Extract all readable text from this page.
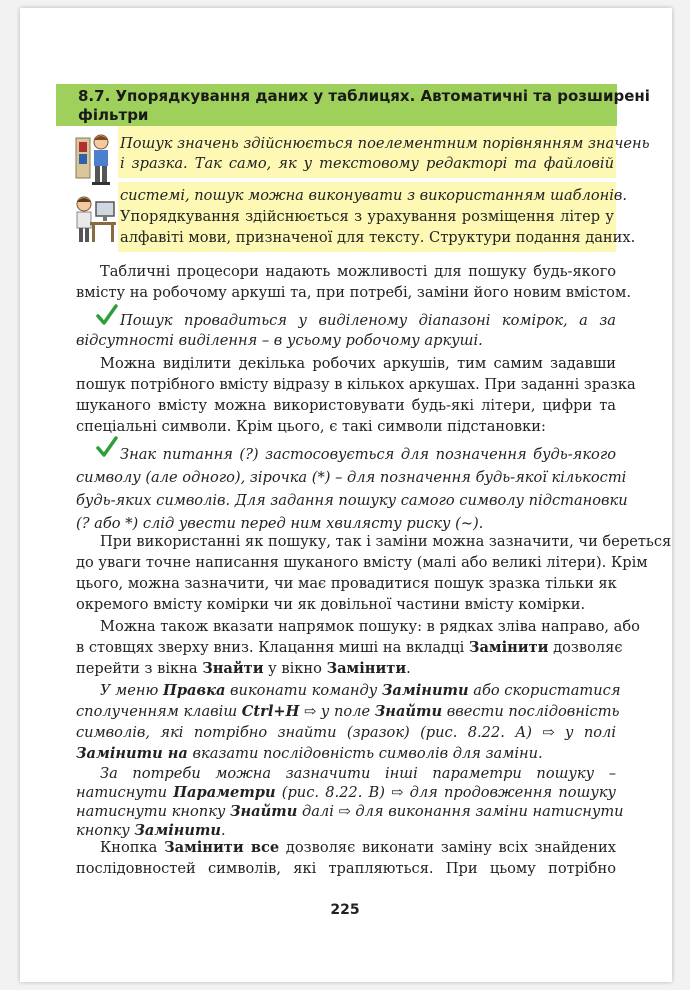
8.7. Упорядкування даних у таблицях. Автоматичні та розширені
фільтри
Пошук значень здійснюється поелементним порівнянням значень
і зразка. Так само, як у текстовому редакторі та файловій
системі, пошук можна виконувати з використанням шаблонів.
Упорядкування здійснюється з урахування розміщення літер у
алфавіті мови, призначеної для тексту. Структури подання даних.
Табличні процесори надають можливості для пошуку будь-якого
вмісту на робочому аркуші та, при потребі, заміни його новим вмістом.
Пошук провадиться у виділеному діапазоні комірок, а за
відсутності виділення – в усьому робочому аркуші.
Можна виділити декілька робочих аркушів, тим самим задавши
пошук потрібного вмісту відразу в кількох аркушах. При заданні зразка
шуканого вмісту можна використовувати будь-які літери, цифри та
спеціальні символи. Крім цього, є такі символи підстановки:
Знак питання (?) застосовується для позначення будь-якого
символу (але одного), зірочка (*) – для позначення будь-якої кількості
будь-яких символів. Для задання пошуку самого символу підстановки
(? або *) слід увести перед ним хвилясту риску (~).
При використанні як пошуку, так і заміни можна зазначити, чи береться
до уваги точне написання шуканого вмісту (малі або великі літери). Крім
цього, можна зазначити, чи має провадитися пошук зразка тільки як
окремого вмісту комірки чи як довільної частини вмісту комірки.
Можна також вказати напрямок пошуку: в рядках зліва направо, або
в стовщях зверху вниз. Клацання миші на вкладці Замінити дозволяє
перейти з вікна Знайти у вікно Замінити.
У меню Правка виконати команду Замінити або скористатися
сполученням клавіш Ctrl+H ⇨ у поле Знайти ввести послідовність
символів, які потрібно знайти (зразок) (рис. 8.22. А) ⇨ у полі
Замінити на вказати послідовність символів для заміни.
За потреби можна зазначити інші параметри пошуку –
натиснути Параметри (рис. 8.22. В) ⇨ для продовження пошуку
натиснути кнопку Знайти далі ⇨ для виконання заміни натиснути
кнопку Замінити.
Кнопка Замінити все дозволяє виконати заміну всіх знайдених
послідовностей символів, які трапляються. При цьому потрібно
225
